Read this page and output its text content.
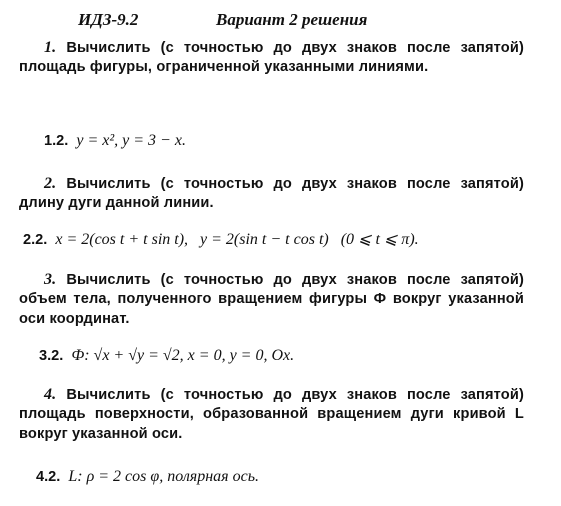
ИДЗ-9.2	Вариант 2 решения
1. Вычислить (с точностью до двух знаков после запятой) площадь фигуры, ограниченной указанными линиями.
1.2. y = x², y = 3 − x.
2. Вычислить (с точностью до двух знаков после запятой) длину дуги данной линии.
2.2. x = 2(cos t + t sin t), y = 2(sin t − t cos t) (0 ⩽ t ⩽ π).
3. Вычислить (с точностью до двух знаков после запятой) объем тела, полученного вращением фигуры Ф вокруг указанной оси координат.
3.2. Ф: √x + √y = √2, x = 0, y = 0, Ox.
4. Вычислить (с точностью до двух знаков после запятой) площадь поверхности, образованной вращением дуги кривой L вокруг указанной оси.
4.2. L: ρ = 2 cos φ, полярная ось.
